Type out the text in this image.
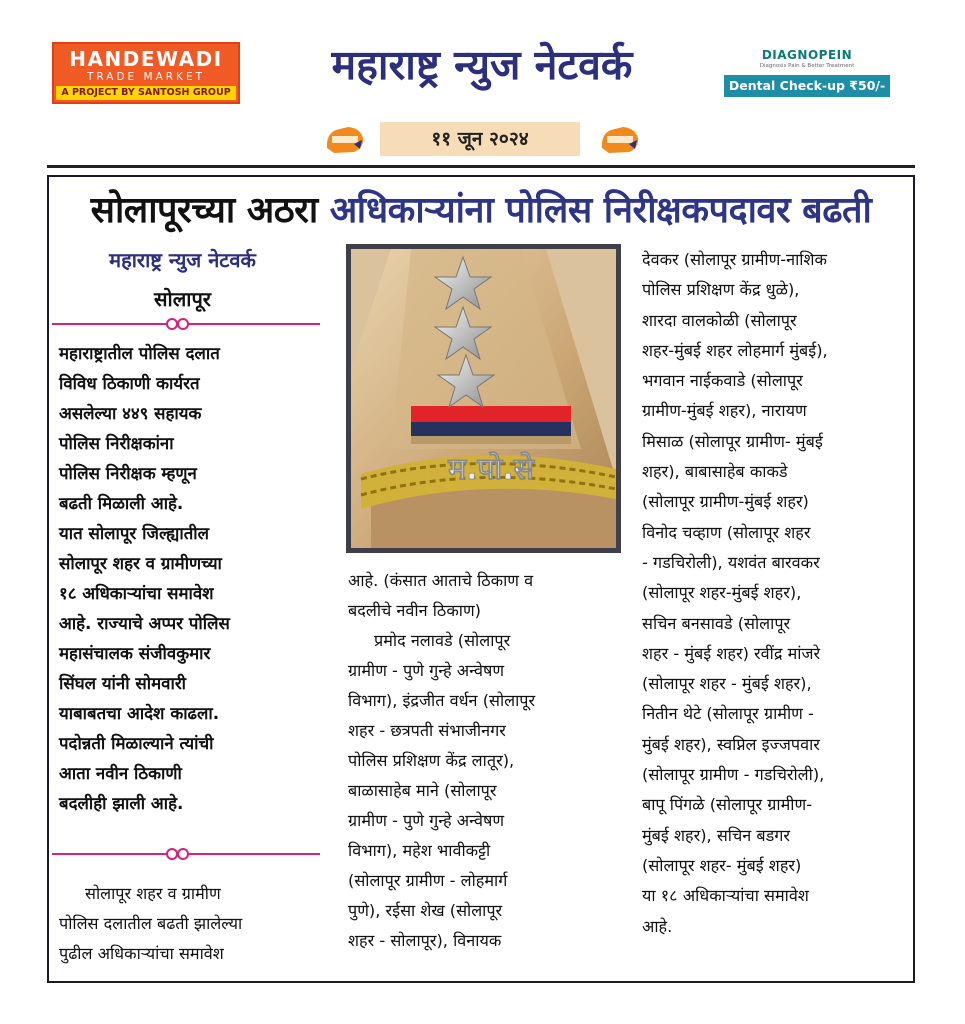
HANDEWADI
TRADE MARKET
A PROJECT BY SANTOSH GROUP
महाराष्ट्र न्युज नेटवर्क	DIAGNOPEIN
Diagnosis Pain & Better Treatment
Dental Check-up ₹50/-
११ जून २०२४
सोलापूरच्या अठरा अधिकाऱ्यांना पोलिस निरीक्षकपदावर बढती
महाराष्ट्र न्युज नेटवर्क
सोलापूर
महाराष्ट्रातील पोलिस दलात
विविध ठिकाणी कार्यरत
असलेल्या ४४९ सहायक
पोलिस निरीक्षकांना
पोलिस निरीक्षक म्हणून
बढती मिळाली आहे.
यात सोलापूर जिल्ह्यातील
सोलापूर शहर व ग्रामीणच्या
१८ अधिकाऱ्यांचा समावेश
आहे. राज्याचे अप्पर पोलिस
महासंचालक संजीवकुमार
सिंघल यांनी सोमवारी
याबाबतचा आदेश काढला.
पदोन्नती मिळाल्याने त्यांची
आता नवीन ठिकाणी
बदलीही झाली आहे.
सोलापूर शहर व ग्रामीण
पोलिस दलातील बढती झालेल्या
पुढील अधिकाऱ्यांचा समावेश
म.पो.से
आहे. (कंसात आताचे ठिकाण व
बदलीचे नवीन ठिकाण)
प्रमोद नलावडे (सोलापूर
ग्रामीण - पुणे गुन्हे अन्वेषण
विभाग), इंद्रजीत वर्धन (सोलापूर
शहर - छत्रपती संभाजीनगर
पोलिस प्रशिक्षण केंद्र लातूर),
बाळासाहेब माने (सोलापूर
ग्रामीण - पुणे गुन्हे अन्वेषण
विभाग), महेश भावीकट्टी
(सोलापूर ग्रामीण - लोहमार्ग
पुणे), रईसा शेख (सोलापूर
शहर - सोलापूर), विनायक
देवकर (सोलापूर ग्रामीण-नाशिक
पोलिस प्रशिक्षण केंद्र धुळे),
शारदा वालकोळी (सोलापूर
शहर-मुंबई शहर लोहमार्ग मुंबई),
भगवान नाईकवाडे (सोलापूर
ग्रामीण-मुंबई शहर), नारायण
मिसाळ (सोलापूर ग्रामीण- मुंबई
शहर), बाबासाहेब काकडे
(सोलापूर ग्रामीण-मुंबई शहर)
विनोद चव्हाण (सोलापूर शहर
- गडचिरोली), यशवंत बारवकर
(सोलापूर शहर-मुंबई शहर),
सचिन बनसावडे (सोलापूर
शहर - मुंबई शहर) रवींद्र मांजरे
(सोलापूर शहर - मुंबई शहर),
नितीन थेटे (सोलापूर ग्रामीण -
मुंबई शहर), स्वप्निल इज्जपवार
(सोलापूर ग्रामीण - गडचिरोली),
बापू पिंगळे (सोलापूर ग्रामीण-
मुंबई शहर), सचिन बडगर
(सोलापूर शहर- मुंबई शहर)
या १८ अधिकाऱ्यांचा समावेश
आहे.
